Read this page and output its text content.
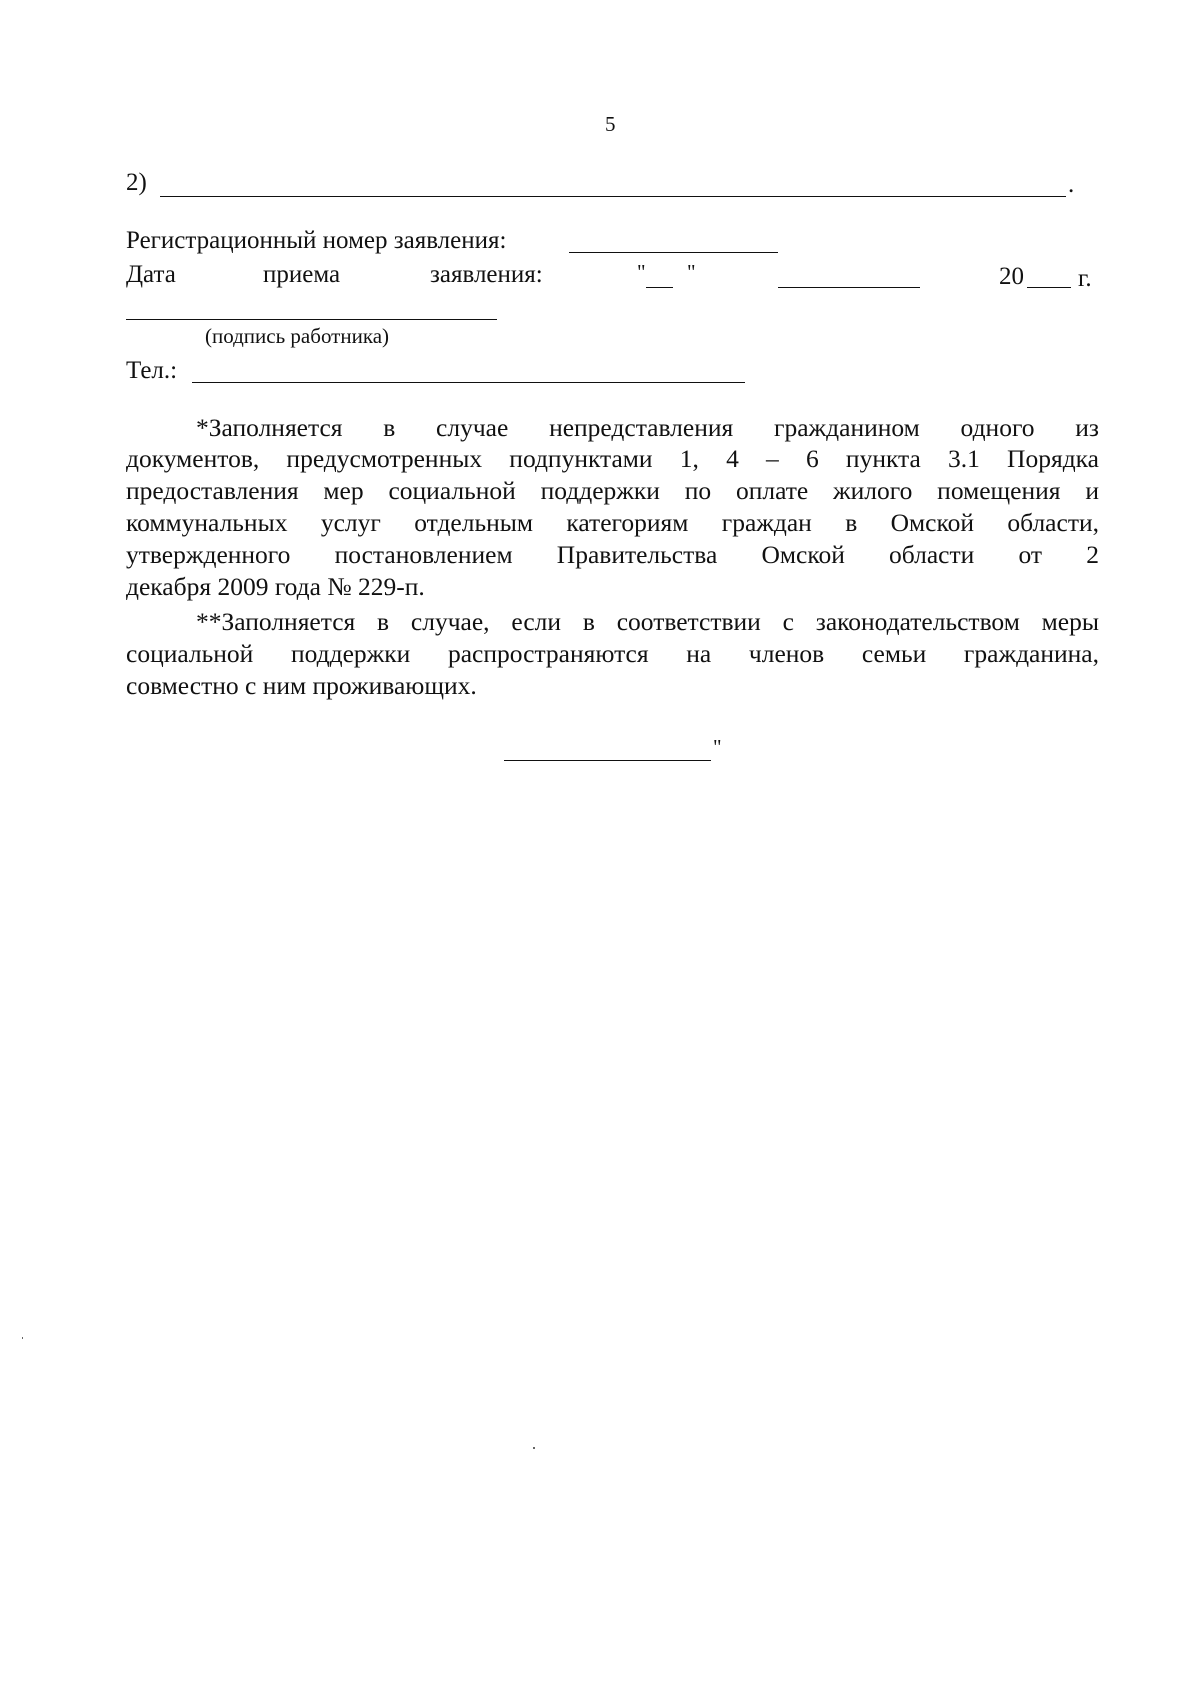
5
2)	.
Регистрационный номер заявления:
Дата	приема	заявления:	" "	20 г.
(подпись работника)
Тел.:
*Заполняется в случае непредставления гражданином одного из
документов, предусмотренных подпунктами 1, 4 – 6 пункта 3.1 Порядка
предоставления мер социальной поддержки по оплате жилого помещения и
коммунальных услуг отдельным категориям граждан в Омской области,
утвержденного постановлением Правительства Омской области от 2
декабря 2009 года № 229-п.
**Заполняется в случае, если в соответствии с законодательством меры
социальной поддержки распространяются на членов семьи гражданина,
совместно с ним проживающих.
"
